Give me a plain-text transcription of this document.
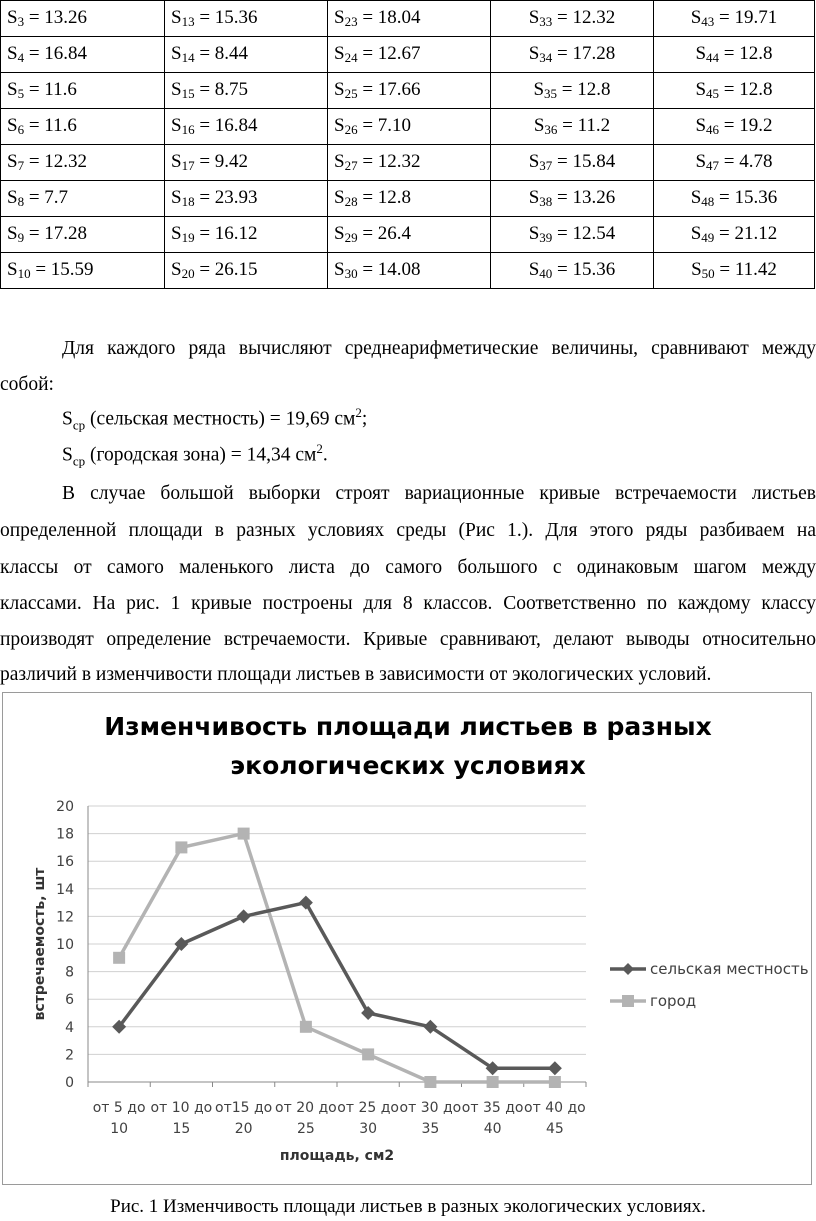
$S_3 = 13.26$	$S_{13} = 15.36$	$S_{23} = 18.04$	$S_{33} = 12.32$	$S_{43} = 19.71$
$S_4 = 16.84$	$S_{14} = 8.44$	$S_{24} = 12.67$	$S_{34} = 17.28$	$S_{44} = 12.8$
$S_5 = 11.6$	$S_{15} = 8.75$	$S_{25} = 17.66$	$S_{35} = 12.8$	$S_{45} = 12.8$
$S_6 = 11.6$	$S_{16} = 16.84$	$S_{26} = 7.10$	$S_{36} = 11.2$	$S_{46} = 19.2$
$S_7 = 12.32$	$S_{17} = 9.42$	$S_{27} = 12.32$	$S_{37} = 15.84$	$S_{47} = 4.78$
$S_8 = 7.7$	$S_{18} = 23.93$	$S_{28} = 12.8$	$S_{38} = 13.26$	$S_{48} = 15.36$
$S_9 = 17.28$	$S_{19} = 16.12$	$S_{29} = 26.4$	$S_{39} = 12.54$	$S_{49} = 21.12$
$S_{10} = 15.59$	$S_{20} = 26.15$	$S_{30} = 14.08$	$S_{40} = 15.36$	$S_{50} = 11.42$
Для каждого ряда вычисляют среднеарифметические величины, сравнивают между
собой:
$S_{ср}$ (сельская местность) = 19,69 $см^2$;
$S_{ср}$ (городская зона) = 14,34 $см^2$.
В случае большой выборки строят вариационные кривые встречаемости листьев
определенной площади в разных условиях среды (Рис 1.). Для этого ряды разбиваем на
классы от самого маленького листа до самого большого с одинаковым шагом между
классами. На рис. 1 кривые построены для 8 классов. Соответственно по каждому классу
производят определение встречаемости. Кривые сравнивают, делают выводы относительно
различий в изменчивости площади листьев в зависимости от экологических условий.
Изменчивость площади листьев в разных
экологических условиях
0
2
4
6
8
10
12
14
16
18
20
от 5 до
10
от 10 до
15
от15 до
20
от 20 до
25
от 25 до
30
от 30 до
35
от 35 до
40
от 40 до
45
площадь, см2
встречаемость, шт	сельская местность
город
Рис. 1 Изменчивость площади листьев в разных экологических условиях.
